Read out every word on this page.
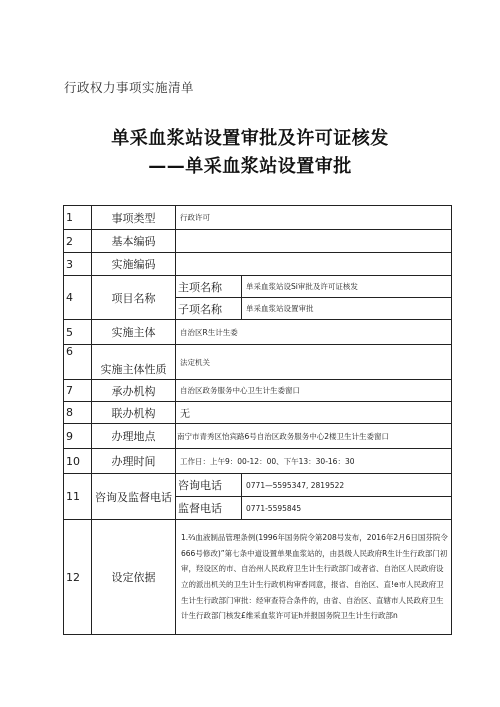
行政权力事项实施清单
单采血浆站设置审批及许可证核发
——单采血浆站设置审批
1	事项类型	行政许可	
2	基本编码		
3	实施编码		
4	项目名称	主项名称	单采血浆站设Si审批及许可证核发
		子项名称	单采血浆站设置审批
5	实施主体	自治区R生计生委	
6	实施主体性质	法定机关	
7	承办机构	自治区政务服务中心卫生计生委窗口	
8	联办机构	无	
9	办理地点	南宁市青秀区怡宾路6号自治区政务服务中心2楼卫生计生委窗口	
10	办理时间	工作日：上午9：00-12：00、下午13：30-16：30	
11	咨询及监督电话	咨询电话	0771—5595347, 2819522
		监督电话	0771-5595845
12	设定依据	1.⅔血液制品管理条例(1996年国务院令第208号发布，2016年2月6日国芬院令666号修改)”第七条中道设置单果血浆站的，由县级人民政府R生计生行政部门初审，羟设区的市、自治州人民政府卫生计生行政部门或者省、自治区人民政府设立的派出机关的卫生计生行政机构审香同意，报省、自治区、直!e市人民政府卫生计生行政部门审批：经审查符合条件的，由省、自治区、直辖市人民政府卫生计生行政部门核发£维采血浆许可证h并报国务院卫生计生行政部n	
